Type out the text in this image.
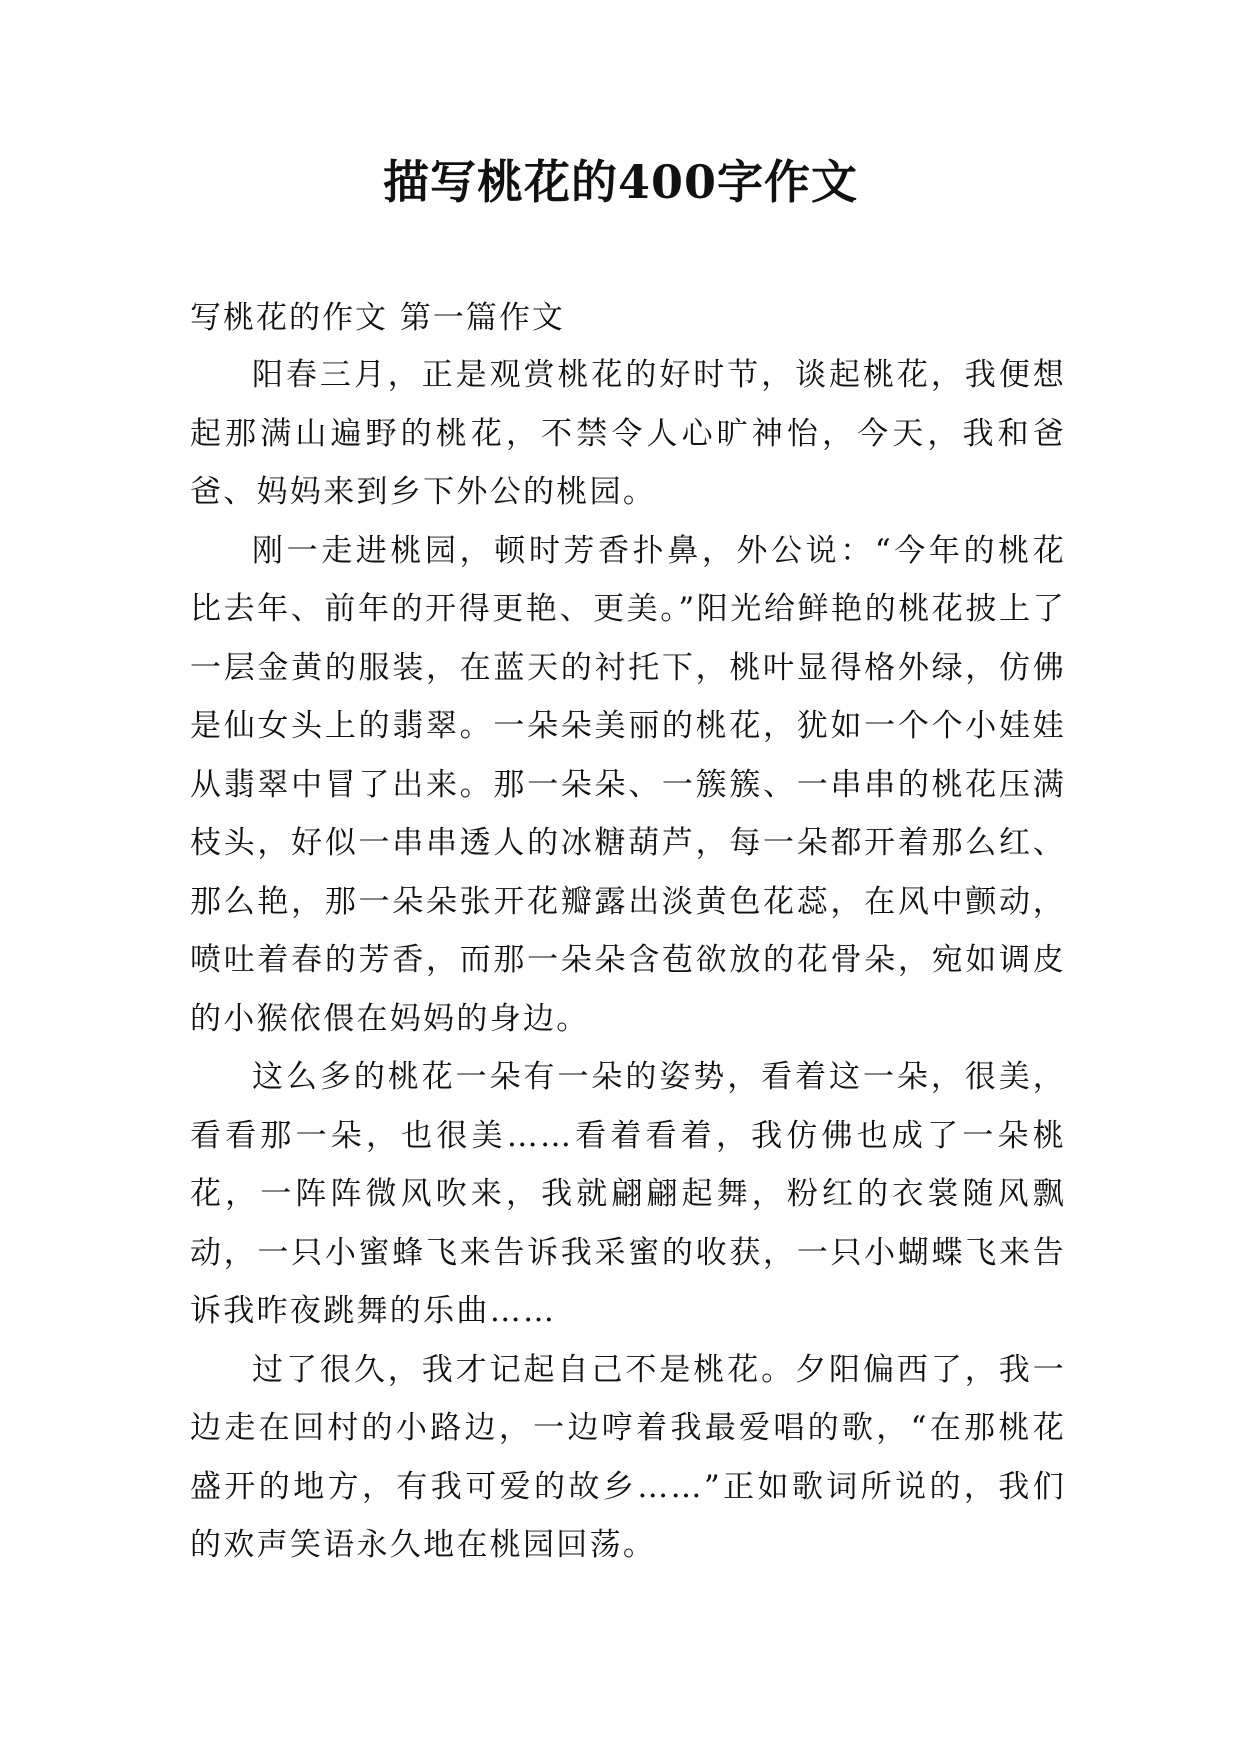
描写桃花的400字作文

写桃花的作文 第一篇作文

阳春三月，正是观赏桃花的好时节，谈起桃花，我便想起那满山遍野的桃花，不禁令人心旷神怡，今天，我和爸爸、妈妈来到乡下外公的桃园。

刚一走进桃园，顿时芳香扑鼻，外公说：“今年的桃花比去年、前年的开得更艳、更美。”阳光给鲜艳的桃花披上了一层金黄的服装，在蓝天的衬托下，桃叶显得格外绿，仿佛是仙女头上的翡翠。一朵朵美丽的桃花，犹如一个个小娃娃从翡翠中冒了出来。那一朵朵、一簇簇、一串串的桃花压满枝头，好似一串串透人的冰糖葫芦，每一朵都开着那么红、那么艳，那一朵朵张开花瓣露出淡黄色花蕊，在风中颤动，喷吐着春的芳香，而那一朵朵含苞欲放的花骨朵，宛如调皮的小猴依偎在妈妈的身边。

这么多的桃花一朵有一朵的姿势，看着这一朵，很美，看看那一朵，也很美……看着看着，我仿佛也成了一朵桃花，一阵阵微风吹来，我就翩翩起舞，粉红的衣裳随风飘动，一只小蜜蜂飞来告诉我采蜜的收获，一只小蝴蝶飞来告诉我昨夜跳舞的乐曲……

过了很久，我才记起自己不是桃花。夕阳偏西了，我一边走在回村的小路边，一边哼着我最爱唱的歌，“在那桃花盛开的地方，有我可爱的故乡……”正如歌词所说的，我们的欢声笑语永久地在桃园回荡。
